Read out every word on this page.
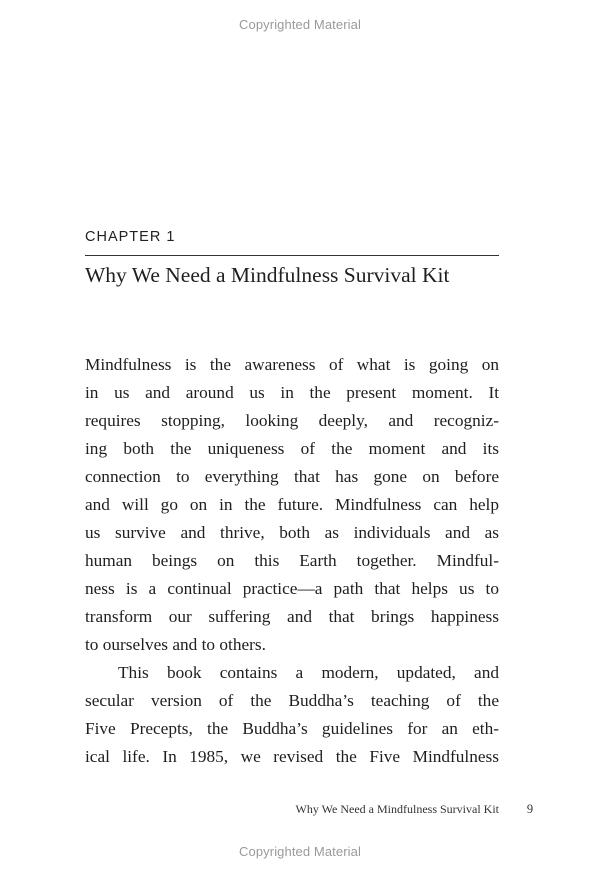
Copyrighted Material
CHAPTER 1
Why We Need a Mindfulness Survival Kit
Mindfulness is the awareness of what is going on
in us and around us in the present moment. It
requires stopping, looking deeply, and recogniz-
ing both the uniqueness of the moment and its
connection to everything that has gone on before
and will go on in the future. Mindfulness can help
us survive and thrive, both as individuals and as
human beings on this Earth together. Mindful-
ness is a continual practice—a path that helps us to
transform our suffering and that brings happiness
to ourselves and to others.
This book contains a modern, updated, and
secular version of the Buddha’s teaching of the
Five Precepts, the Buddha’s guidelines for an eth-
ical life. In 1985, we revised the Five Mindfulness
Why We Need a Mindfulness Survival Kit	9
Copyrighted Material
